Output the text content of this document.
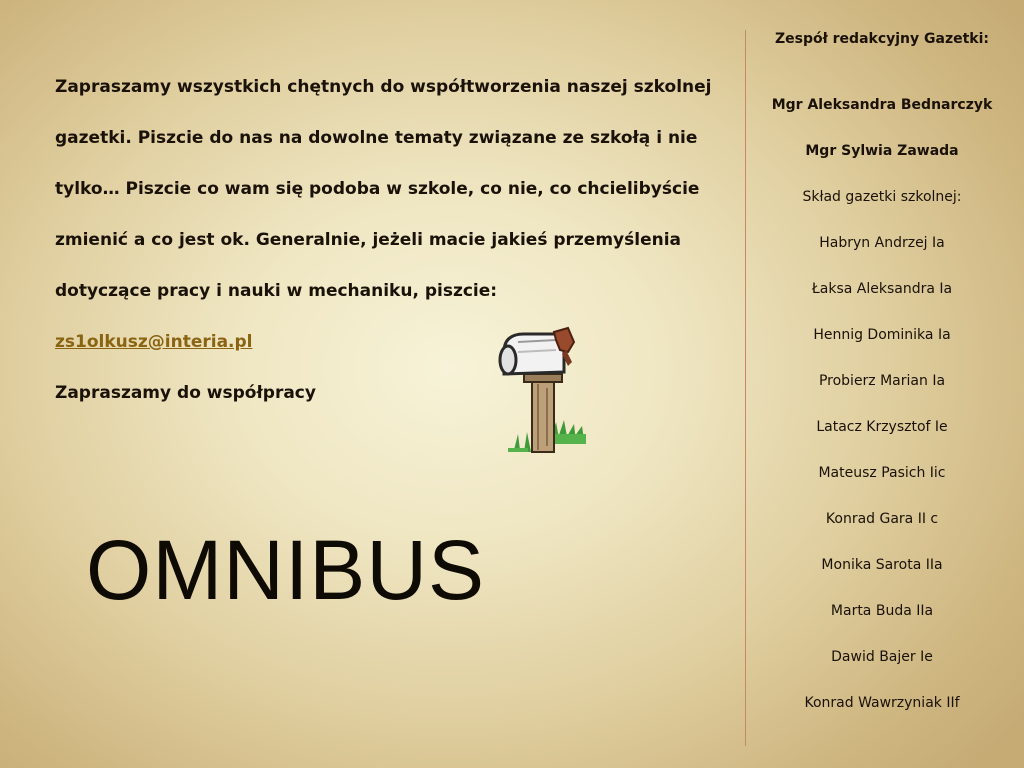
Zapraszamy wszystkich chętnych do współtworzenia naszej szkolnej gazetki. Piszcie do nas na dowolne tematy związane ze szkołą i nie tylko… Piszcie co wam się podoba w szkole, co nie, co chcielibyście zmienić a co jest ok. Generalnie, jeżeli macie jakieś przemyślenia dotyczące pracy i nauki w mechaniku, piszcie:

zs1olkusz@interia.pl

Zapraszamy do współpracy

OMNIBUS
Zespół redakcyjny Gazetki:
Mgr Aleksandra Bednarczyk
Mgr Sylwia Zawada
Skład gazetki szkolnej:
Habryn Andrzej Ia
Łaksa Aleksandra Ia
Hennig Dominika Ia
Probierz Marian Ia
Latacz Krzysztof Ie
Mateusz Pasich Iic
Konrad Gara II c
Monika Sarota IIa
Marta Buda IIa
Dawid Bajer Ie
Konrad Wawrzyniak IIf
